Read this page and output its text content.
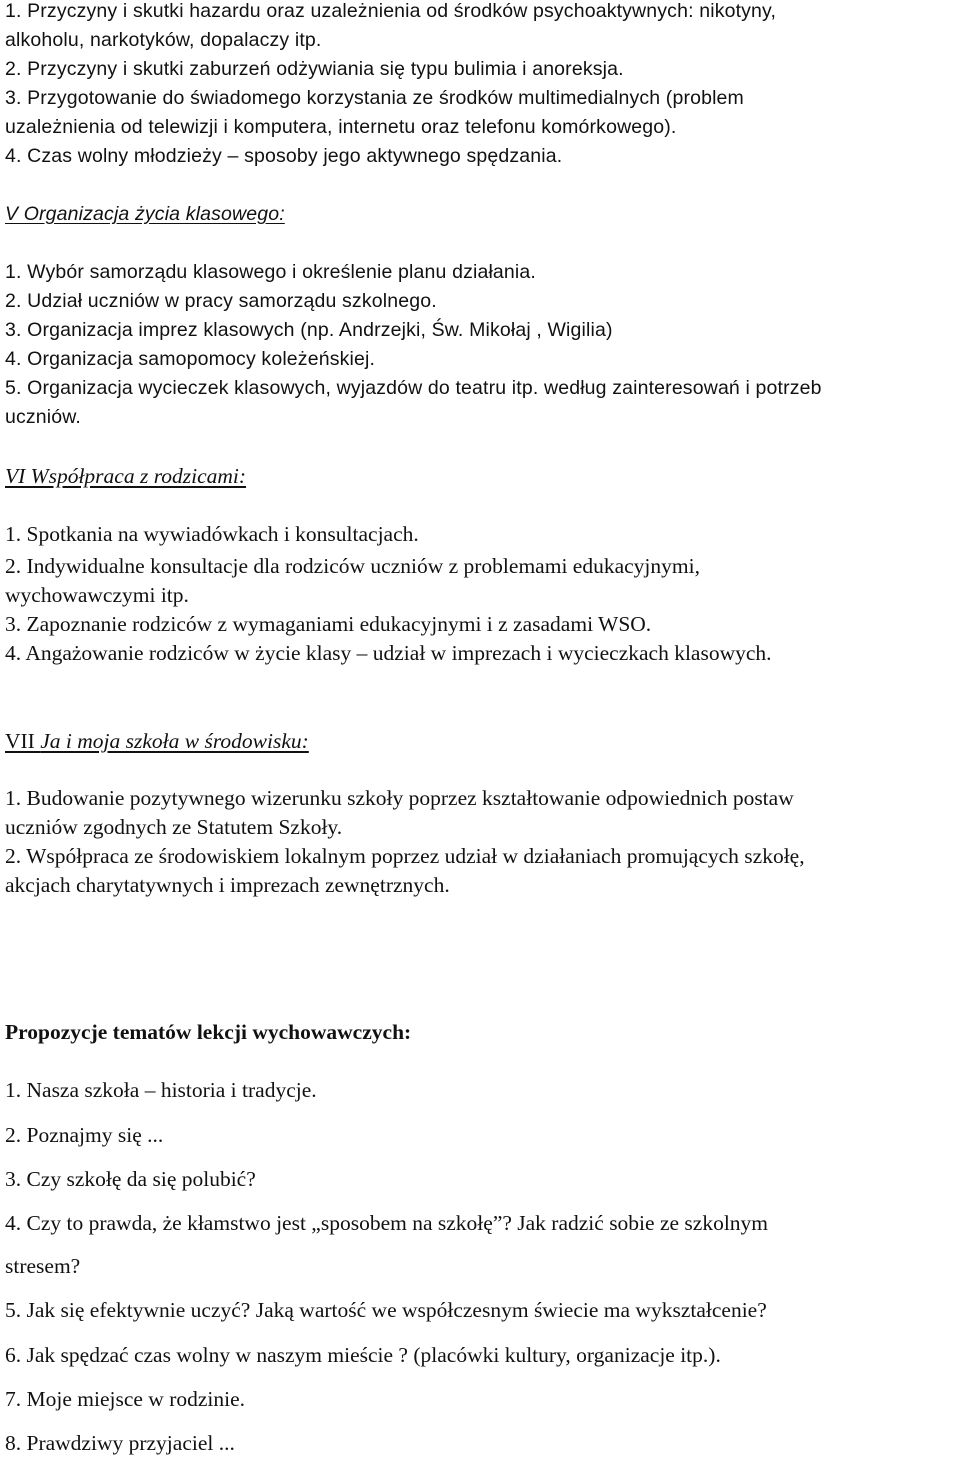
1. Przyczyny i skutki hazardu oraz uzależnienia od środków psychoaktywnych: nikotyny,
alkoholu, narkotyków, dopalaczy itp.
2. Przyczyny i skutki zaburzeń odżywiania się typu bulimia i anoreksja.
3. Przygotowanie do świadomego korzystania ze środków multimedialnych (problem
uzależnienia od telewizji i komputera, internetu oraz telefonu komórkowego).
4. Czas wolny młodzieży – sposoby jego aktywnego spędzania.
V Organizacja życia klasowego:
1. Wybór samorządu klasowego i określenie planu działania.
2. Udział uczniów w pracy samorządu szkolnego.
3. Organizacja imprez klasowych (np. Andrzejki, Św. Mikołaj , Wigilia)
4. Organizacja samopomocy koleżeńskiej.
5. Organizacja wycieczek klasowych, wyjazdów do teatru itp. według zainteresowań i potrzeb
uczniów.
VI Współpraca z rodzicami:
1. Spotkania na wywiadówkach i konsultacjach.
2. Indywidualne konsultacje dla rodziców uczniów z problemami edukacyjnymi,
wychowawczymi itp.
3. Zapoznanie rodziców z wymaganiami edukacyjnymi i z zasadami WSO.
4. Angażowanie rodziców w życie klasy – udział w imprezach i wycieczkach klasowych.
VII Ja i moja szkoła w środowisku:
1. Budowanie pozytywnego wizerunku szkoły poprzez kształtowanie odpowiednich postaw
uczniów zgodnych ze Statutem Szkoły.
2. Współpraca ze środowiskiem lokalnym poprzez udział w działaniach promujących szkołę,
akcjach charytatywnych i imprezach zewnętrznych.
Propozycje tematów lekcji wychowawczych:
1. Nasza szkoła – historia i tradycje.
2. Poznajmy się ...
3. Czy szkołę da się polubić?
4. Czy to prawda, że kłamstwo jest „sposobem na szkołę”? Jak radzić sobie ze szkolnym
stresem?
5. Jak się efektywnie uczyć? Jaką wartość we współczesnym świecie ma wykształcenie?
6. Jak spędzać czas wolny w naszym mieście ? (placówki kultury, organizacje itp.).
7. Moje miejsce w rodzinie.
8. Prawdziwy przyjaciel ...
